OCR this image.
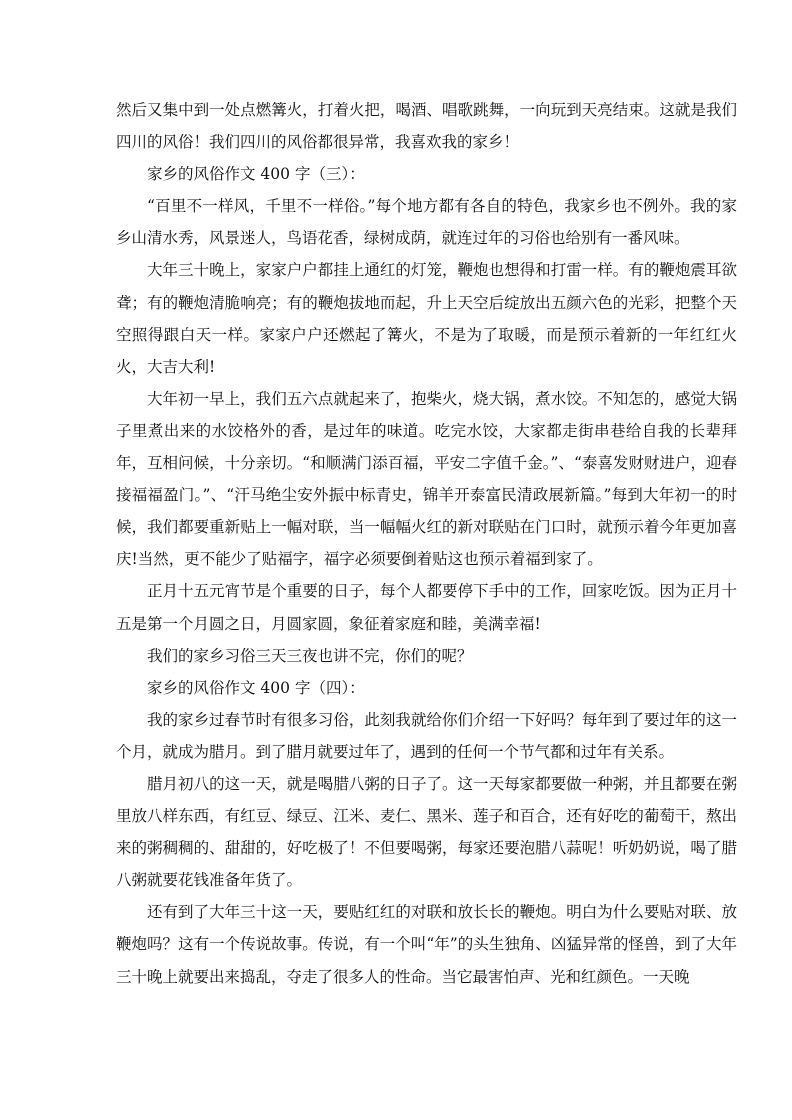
然后又集中到一处点燃篝火，打着火把，喝酒、唱歌跳舞，一向玩到天亮结束。这就是我们四川的风俗！我们四川的风俗都很异常，我喜欢我的家乡！

家乡的风俗作文 400 字（三）：

“百里不一样风，千里不一样俗。”每个地方都有各自的特色，我家乡也不例外。我的家乡山清水秀，风景迷人，鸟语花香，绿树成荫，就连过年的习俗也给别有一番风味。

大年三十晚上，家家户户都挂上通红的灯笼，鞭炮也想得和打雷一样。有的鞭炮震耳欲聋；有的鞭炮清脆响亮；有的鞭炮拔地而起，升上天空后绽放出五颜六色的光彩，把整个天空照得跟白天一样。家家户户还燃起了篝火，不是为了取暖，而是预示着新的一年红红火火，大吉大利!

大年初一早上，我们五六点就起来了，抱柴火，烧大锅，煮水饺。不知怎的，感觉大锅子里煮出来的水饺格外的香，是过年的味道。吃完水饺，大家都走街串巷给自我的长辈拜年，互相问候，十分亲切。“和顺满门添百福，平安二字值千金。”、“泰喜发财财进户，迎春接福福盈门。”、“汗马绝尘安外振中标青史，锦羊开泰富民清政展新篇。”每到大年初一的时候，我们都要重新贴上一幅对联，当一幅幅火红的新对联贴在门口时，就预示着今年更加喜庆!当然，更不能少了贴福字，福字必须要倒着贴这也预示着福到家了。

正月十五元宵节是个重要的日子，每个人都要停下手中的工作，回家吃饭。因为正月十五是第一个月圆之日，月圆家圆，象征着家庭和睦，美满幸福!

我们的家乡习俗三天三夜也讲不完，你们的呢？

家乡的风俗作文 400 字（四）：

我的家乡过春节时有很多习俗，此刻我就给你们介绍一下好吗？每年到了要过年的这一个月，就成为腊月。到了腊月就要过年了，遇到的任何一个节气都和过年有关系。

腊月初八的这一天，就是喝腊八粥的日子了。这一天每家都要做一种粥，并且都要在粥里放八样东西，有红豆、绿豆、江米、麦仁、黑米、莲子和百合，还有好吃的葡萄干，熬出来的粥稠稠的、甜甜的，好吃极了！不但要喝粥，每家还要泡腊八蒜呢！听奶奶说，喝了腊八粥就要花钱准备年货了。

还有到了大年三十这一天，要贴红红的对联和放长长的鞭炮。明白为什么要贴对联、放鞭炮吗？这有一个传说故事。传说，有一个叫“年”的头生独角、凶猛异常的怪兽，到了大年三十晚上就要出来捣乱，夺走了很多人的性命。当它最害怕声、光和红颜色。一天晚
